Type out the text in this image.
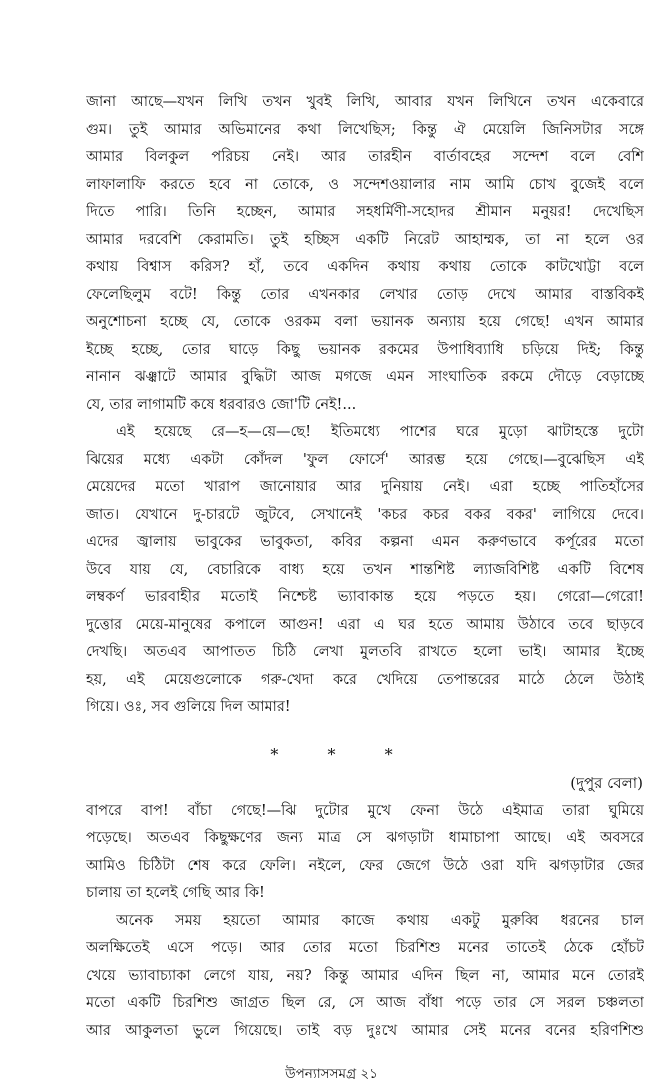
জানা আছে—যখন লিখি তখন খুবই লিখি, আবার যখন লিখিনে তখন একেবারে
গুম। তুই আমার অভিমানের কথা লিখেছিস; কিন্তু ঐ মেয়েলি জিনিসটার সঙ্গে
আমার বিলকুল পরিচয় নেই। আর তারহীন বার্তাবহের সন্দেশ বলে বেশি
লাফালাফি করতে হবে না তোকে, ও সন্দেশওয়ালার নাম আমি চোখ বুজেই বলে
দিতে পারি। তিনি হচ্ছেন, আমার সহধর্মিণী-সহোদর শ্রীমান মনুয়র! দেখেছিস
আমার দরবেশি কেরামতি। তুই হচ্ছিস একটি নিরেট আহাম্মক, তা না হলে ওর
কথায় বিশ্বাস করিস? হাঁ, তবে একদিন কথায় কথায় তোকে কাটখোট্টা বলে
ফেলেছিলুম বটে! কিন্তু তোর এখনকার লেখার তোড় দেখে আমার বাস্তবিকই
অনুশোচনা হচ্ছে যে, তোকে ওরকম বলা ভয়ানক অন্যায় হয়ে গেছে! এখন আমার
ইচ্ছে হচ্ছে, তোর ঘাড়ে কিছু ভয়ানক রকমের উপাধিব্যাধি চড়িয়ে দিই; কিন্তু
নানান ঝঞ্ঝাটে আমার বুদ্ধিটা আজ মগজে এমন সাংঘাতিক রকমে দৌড়ে বেড়াচ্ছে
যে, তার লাগামটি কষে ধরবারও জো'টি নেই!...
*	*	*
(দুপুর বেলা)
বাপরে বাপ! বাঁচা গেছে!—ঝি দুটোর মুখে ফেনা উঠে এইমাত্র তারা ঘুমিয়ে
পড়েছে। অতএব কিছুক্ষণের জন্য মাত্র সে ঝগড়াটা ধামাচাপা আছে। এই অবসরে
আমিও চিঠিটা শেষ করে ফেলি। নইলে, ফের জেগে উঠে ওরা যদি ঝগড়াটার জের
চালায় তা হলেই গেছি আর কি!
উপন্যাসসমগ্র ২১
এই হয়েছে রে—হ—য়ে—ছে! ইতিমধ্যে পাশের ঘরে মুড়ো ঝাটাহস্তে দুটো
ঝিয়ের মধ্যে একটা কোঁদল 'ফুল ফোর্সে' আরম্ভ হয়ে গেছে।—বুঝেছিস এই
মেয়েদের মতো খারাপ জানোয়ার আর দুনিয়ায় নেই। এরা হচ্ছে পাতিহাঁসের
জাত। যেখানে দু-চারটে জুটবে, সেখানেই 'কচর কচর বকর বকর' লাগিয়ে দেবে।
এদের জ্বালায় ভাবুকের ভাবুকতা, কবির কল্পনা এমন করুণভাবে কর্পূরের মতো
উবে যায় যে, বেচারিকে বাধ্য হয়ে তখন শান্তশিষ্ট ল্যাজবিশিষ্ট একটি বিশেষ
লম্বকর্ণ ভারবাহীর মতোই নিশ্চেষ্ট ভ্যাবাকান্ত হয়ে পড়তে হয়। গেরো—গেরো!
দুত্তোর মেয়ে-মানুষের কপালে আগুন! এরা এ ঘর হতে আমায় উঠাবে তবে ছাড়বে
দেখছি। অতএব আপাতত চিঠি লেখা মুলতবি রাখতে হলো ভাই। আমার ইচ্ছে
হয়, এই মেয়েগুলোকে গরু-খেদা করে খেদিয়ে তেপান্তরের মাঠে ঠেলে উঠাই
গিয়ে। ওঃ, সব গুলিয়ে দিল আমার!
অনেক সময় হয়তো আমার কাজে কথায় একটু মুরুব্বি ধরনের চাল
অলক্ষিতেই এসে পড়ে। আর তোর মতো চিরশিশু মনের তাতেই ঠেকে হোঁচট
খেয়ে ভ্যাবাচ্যাকা লেগে যায়, নয়? কিন্তু আমার এদিন ছিল না, আমার মনে তোরই
মতো একটি চিরশিশু জাগ্রত ছিল রে, সে আজ বাঁধা পড়ে তার সে সরল চঞ্চলতা
আর আকুলতা ভুলে গিয়েছে। তাই বড় দুঃখে আমার সেই মনের বনের হরিণশিশু
